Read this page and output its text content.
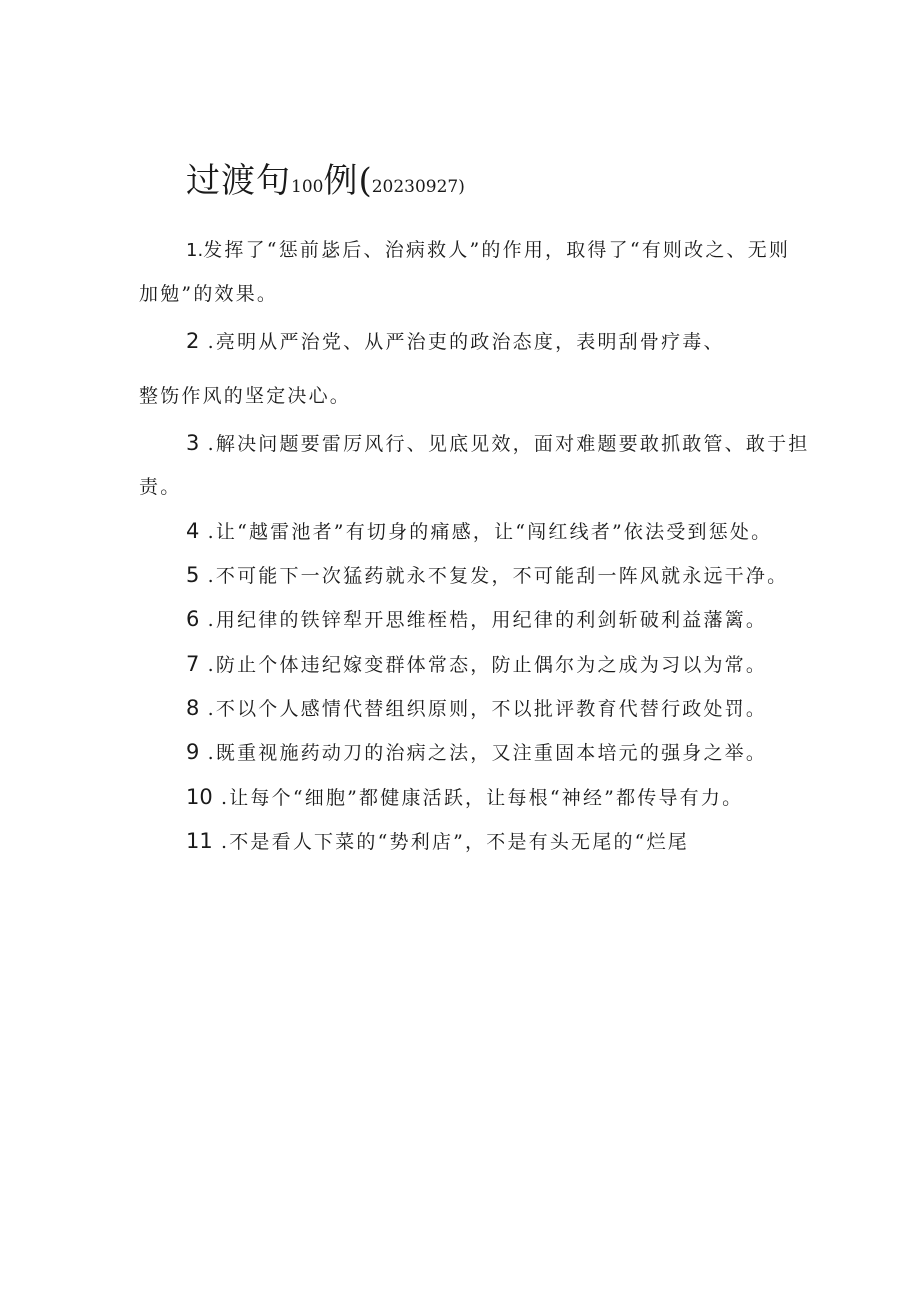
过渡句100例(20230927)
1.发挥了“惩前毖后、治病救人”的作用，取得了“有则改之、无则
加勉”的效果。
2 .亮明从严治党、从严治吏的政治态度，表明刮骨疗毒、
整饬作风的坚定决心。
3 .解决问题要雷厉风行、见底见效，面对难题要敢抓敢管、敢于担
责。
4 .让“越雷池者”有切身的痛感，让“闯红线者”依法受到惩处。
5 .不可能下一次猛药就永不复发，不可能刮一阵风就永远干净。
6 .用纪律的铁锌犁开思维桎梏，用纪律的利剑斩破利益藩篱。
7 .防止个体违纪嫁变群体常态，防止偶尔为之成为习以为常。
8 .不以个人感情代替组织原则，不以批评教育代替行政处罚。
9 .既重视施药动刀的治病之法，又注重固本培元的强身之举。
10 .让每个“细胞”都健康活跃，让每根“神经”都传导有力。
11 .不是看人下菜的“势利店”，不是有头无尾的“烂尾
